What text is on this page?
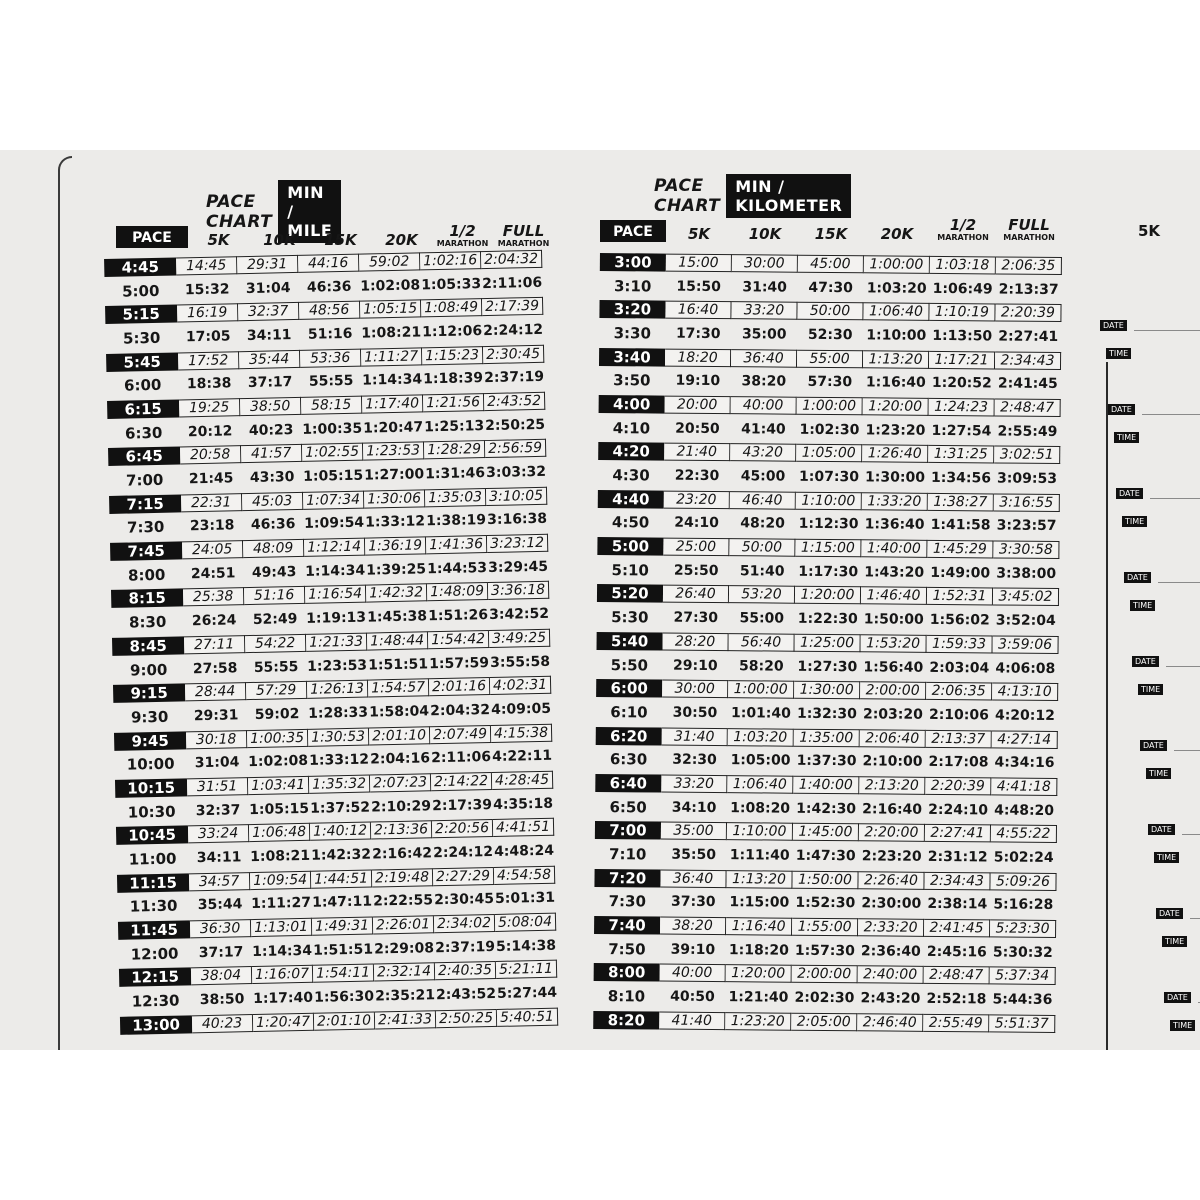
PACE CHART
MIN / MILE
PACE	5K	10K	15K	20K	1/2
MARATHON
FULL
MARATHON
4:45	14:45	29:31	44:16	59:02 1:02:16 2:04:32
5:00	15:32	31:04	46:36 1:02:08 1:05:33 2:11:06
5:15	16:19	32:37	48:56 1:05:15 1:08:49 2:17:39
5:30	17:05	34:11	51:16 1:08:21 1:12:06 2:24:12
5:45	17:52	35:44	53:36 1:11:27 1:15:23 2:30:45
6:00	18:38	37:17	55:55 1:14:34 1:18:39 2:37:19
6:15	19:25	38:50	58:15 1:17:40 1:21:56 2:43:52
6:30	20:12	40:23 1:00:35 1:20:47 1:25:13 2:50:25
6:45	20:58	41:57 1:02:55 1:23:53 1:28:29 2:56:59
7:00	21:45	43:30 1:05:15 1:27:00 1:31:46 3:03:32
7:15	22:31	45:03 1:07:34 1:30:06 1:35:03 3:10:05
7:30	23:18	46:36 1:09:54 1:33:12 1:38:19 3:16:38
7:45	24:05	48:09 1:12:14 1:36:19 1:41:36 3:23:12
8:00	24:51	49:43 1:14:34 1:39:25 1:44:53 3:29:45
8:15	25:38	51:16 1:16:54 1:42:32 1:48:09 3:36:18
8:30	26:24	52:49 1:19:13 1:45:38 1:51:26 3:42:52
8:45	27:11	54:22 1:21:33 1:48:44 1:54:42 3:49:25
9:00	27:58	55:55 1:23:53 1:51:51 1:57:59 3:55:58
9:15	28:44	57:29 1:26:13 1:54:57 2:01:16 4:02:31
9:30	29:31	59:02 1:28:33 1:58:04 2:04:32 4:09:05
9:45	30:18 1:00:35 1:30:53 2:01:10 2:07:49 4:15:38
10:00	31:04 1:02:08 1:33:12 2:04:16 2:11:06 4:22:11
10:15	31:51 1:03:41 1:35:32 2:07:23 2:14:22 4:28:45
10:30	32:37 1:05:15 1:37:52 2:10:29 2:17:39 4:35:18
10:45	33:24 1:06:48 1:40:12 2:13:36 2:20:56 4:41:51
11:00	34:11 1:08:21 1:42:32 2:16:42 2:24:12 4:48:24
11:15	34:57 1:09:54 1:44:51 2:19:48 2:27:29 4:54:58
11:30	35:44 1:11:27 1:47:11 2:22:55 2:30:45 5:01:31
11:45	36:30 1:13:01 1:49:31 2:26:01 2:34:02 5:08:04
12:00	37:17 1:14:34 1:51:51 2:29:08 2:37:19 5:14:38
12:15	38:04 1:16:07 1:54:11 2:32:14 2:40:35 5:21:11
12:30	38:50 1:17:40 1:56:30 2:35:21 2:43:52 5:27:44
13:00	40:23 1:20:47 2:01:10 2:41:33 2:50:25 5:40:51
PACE CHART
MIN / KILOMETER
PACE	5K	10K	15K	20K	1/2
MARATHON
FULL
MARATHON
3:00	15:00	30:00	45:00	1:00:00 1:03:18 2:06:35
3:10	15:50	31:40	47:30 1:03:20 1:06:49 2:13:37
3:20	16:40	33:20	50:00	1:06:40 1:10:19 2:20:39
3:30	17:30	35:00	52:30 1:10:00 1:13:50 2:27:41
3:40	18:20	36:40	55:00	1:13:20 1:17:21 2:34:43
3:50	19:10	38:20	57:30 1:16:40 1:20:52 2:41:45
4:00	20:00	40:00	1:00:00 1:20:00 1:24:23 2:48:47
4:10	20:50	41:40 1:02:30 1:23:20 1:27:54 2:55:49
4:20	21:40	43:20	1:05:00 1:26:40 1:31:25 3:02:51
4:30	22:30	45:00 1:07:30 1:30:00 1:34:56 3:09:53
4:40	23:20	46:40	1:10:00 1:33:20 1:38:27 3:16:55
4:50	24:10	48:20 1:12:30 1:36:40 1:41:58 3:23:57
5:00	25:00	50:00	1:15:00 1:40:00 1:45:29 3:30:58
5:10	25:50	51:40 1:17:30 1:43:20 1:49:00 3:38:00
5:20	26:40	53:20	1:20:00 1:46:40 1:52:31 3:45:02
5:30	27:30	55:00 1:22:30 1:50:00 1:56:02 3:52:04
5:40	28:20	56:40	1:25:00 1:53:20 1:59:33 3:59:06
5:50	29:10	58:20 1:27:30 1:56:40 2:03:04 4:06:08
6:00	30:00	1:00:00 1:30:00 2:00:00 2:06:35 4:13:10
6:10	30:50 1:01:40 1:32:30 2:03:20 2:10:06 4:20:12
6:20	31:40	1:03:20 1:35:00 2:06:40 2:13:37 4:27:14
6:30	32:30 1:05:00 1:37:30 2:10:00 2:17:08 4:34:16
6:40	33:20	1:06:40 1:40:00 2:13:20 2:20:39 4:41:18
6:50	34:10 1:08:20 1:42:30 2:16:40 2:24:10 4:48:20
7:00	35:00	1:10:00 1:45:00 2:20:00 2:27:41 4:55:22
7:10	35:50 1:11:40 1:47:30 2:23:20 2:31:12 5:02:24
7:20	36:40	1:13:20 1:50:00 2:26:40 2:34:43 5:09:26
7:30	37:30 1:15:00 1:52:30 2:30:00 2:38:14 5:16:28
7:40	38:20	1:16:40 1:55:00 2:33:20 2:41:45 5:23:30
7:50	39:10 1:18:20 1:57:30 2:36:40 2:45:16 5:30:32
8:00	40:00	1:20:00 2:00:00 2:40:00 2:48:47 5:37:34
8:10	40:50 1:21:40 2:02:30 2:43:20 2:52:18 5:44:36
8:20	41:40	1:23:20 2:05:00 2:46:40 2:55:49 5:51:37
5K
DATE
TIME
DATE
TIME
DATE
TIME
DATE
TIME
DATE
TIME
DATE
TIME
DATE
TIME
DATE
TIME
DATE
TIME
